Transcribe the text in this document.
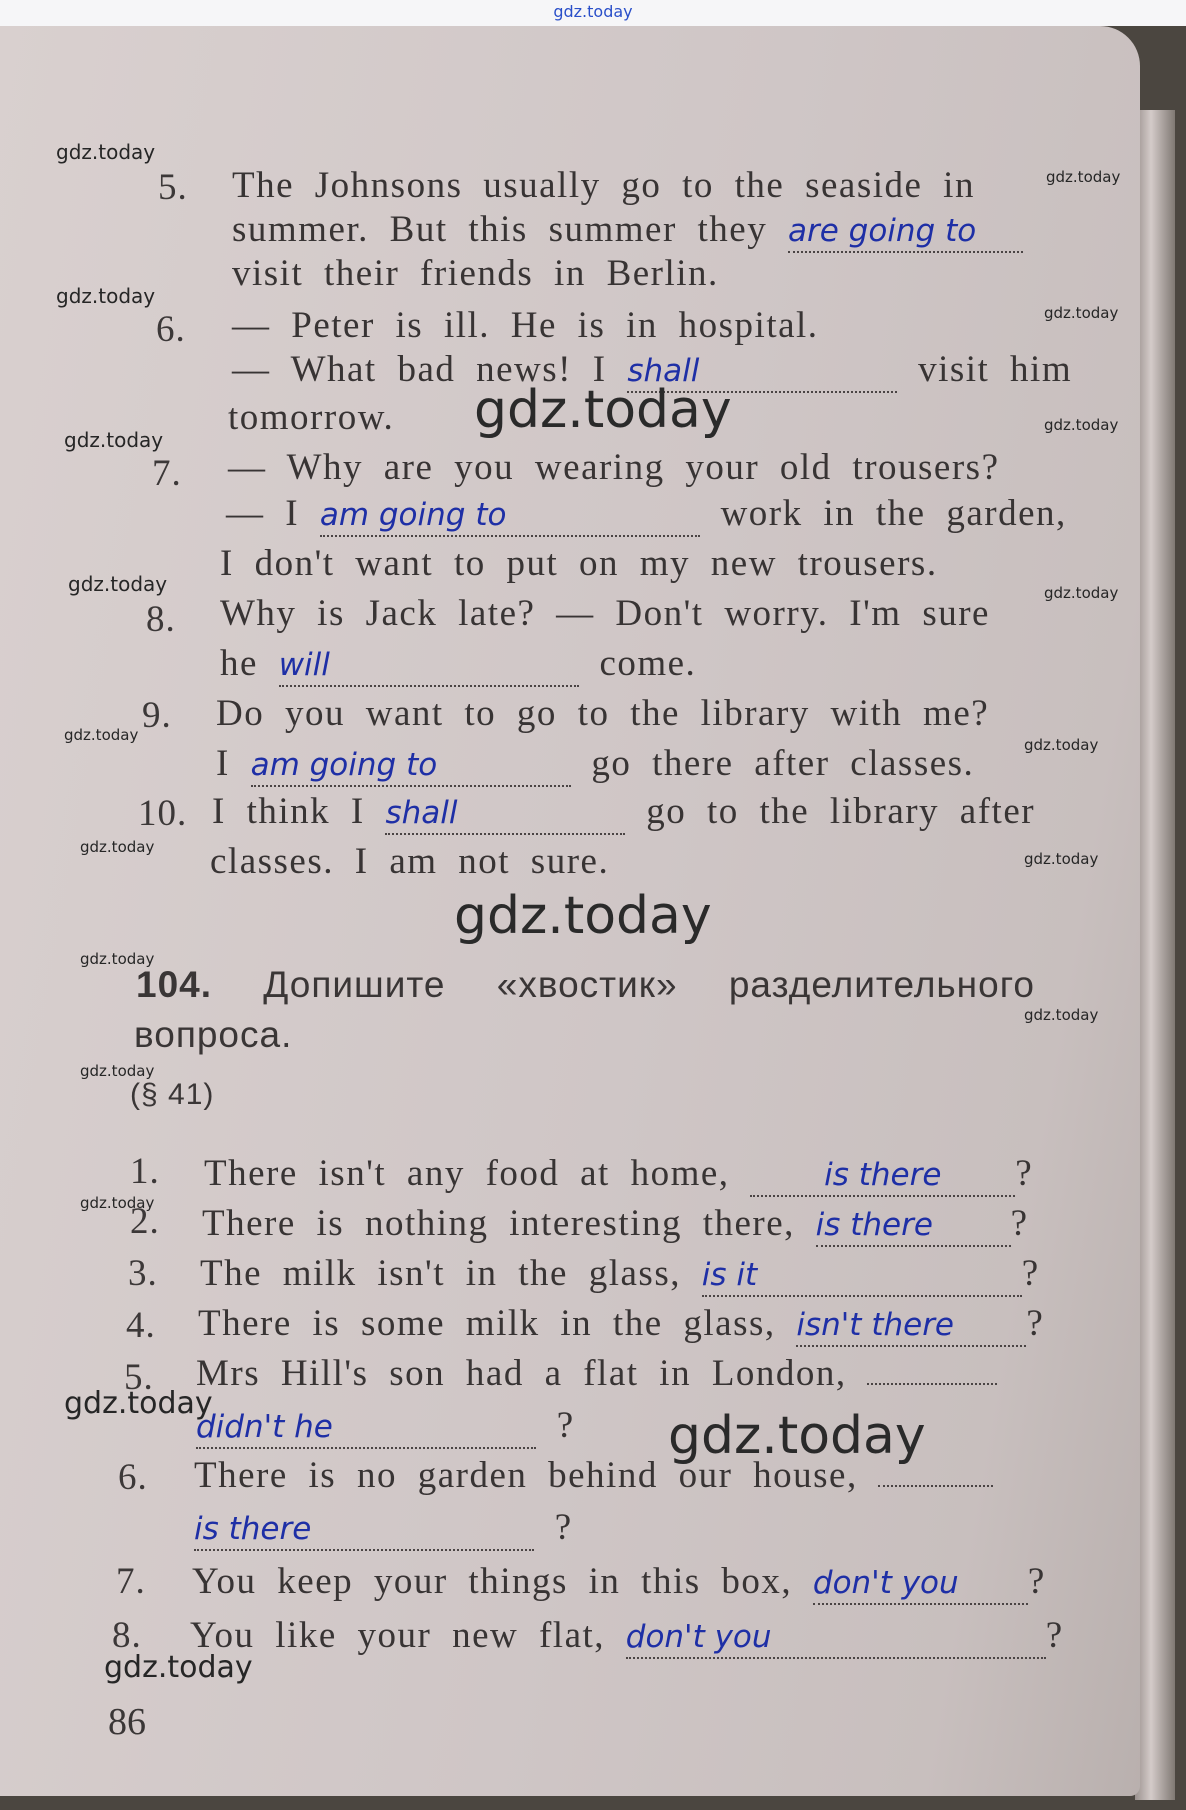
gdz.today
5. The Johnsons usually go to the seaside in
summer. But this summer they are going to
visit their friends in Berlin.
6. — Peter is ill. He is in hospital.
— What bad news! I shall	visit him
tomorrow.
7. — Why are you wearing your old trousers?
— I am going to	work in the garden,
I don't want to put on my new trousers.
8. Why is Jack late? — Don't worry. I'm sure
he will	come.
9. Do you want to go to the library with me?
I am going to	go there after classes.
10. I think I shall	go to the library after
classes. I am not sure.
104. Допишите «хвостик» разделительного
вопроса.
(§ 41)
1. There isn't any food at home,	is there ?
2. There is nothing interesting there, is there ?
3. The milk isn't in the glass, is it	?
4. There is some milk in the glass, isn't there ?
5. Mrs Hill's son had a flat in London,
didn't he	?
6. There is no garden behind our house,
is there	?
7. You keep your things in this box, don't you ?
8. You like your new flat, don't you	?
gdz.today
gdz.today
gdz.today
gdz.today
gdz.today	gdz.today
gdz.today
gdz.today	gdz.today
gdz.today
gdz.today
gdz.today
gdz.today
gdz.today
gdz.today
gdz.today
gdz.today
gdz.today
gdz.today
gdz.today
gdz.today
86
